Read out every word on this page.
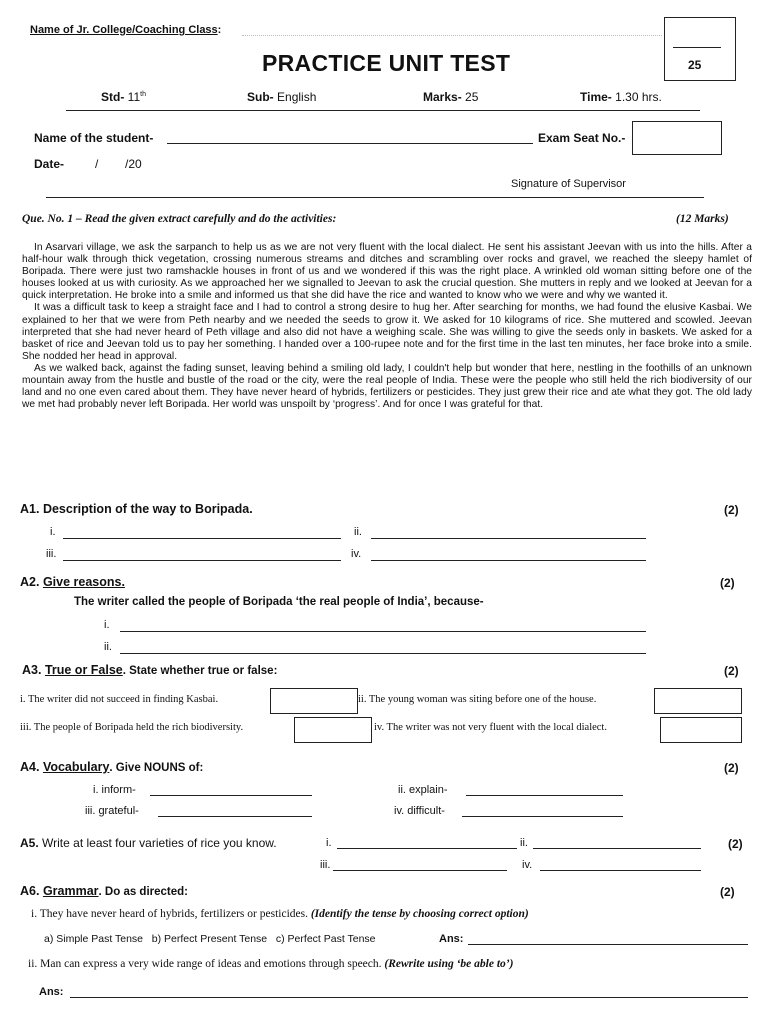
Name of Jr. College/Coaching Class:
PRACTICE UNIT TEST	25
Std- 11th	Sub- English	Marks- 25	Time- 1.30 hrs.
Name of the student-	Exam Seat No.-
Date-	/ /20
Signature of Supervisor
Que. No. 1 – Read the given extract carefully and do the activities:	(12 Marks)

In Asarvari village, we ask the sarpanch to help us as we are not very fluent with the local dialect. He sent his assistant Jeevan with us into the hills. After a half-hour walk through thick vegetation, crossing numerous streams and ditches and scrambling over rocks and gravel, we reached the sleepy hamlet of Boripada. There were just two ramshackle houses in front of us and we wondered if this was the right place. A wrinkled old woman sitting before one of the houses looked at us with curiosity. As we approached her we signalled to Jeevan to ask the crucial question. She mutters in reply and we looked at Jeevan for a quick interpretation. He broke into a smile and informed us that she did have the rice and wanted to know who we were and why we wanted it.

It was a difficult task to keep a straight face and I had to control a strong desire to hug her. After searching for months, we had found the elusive Kasbai. We explained to her that we were from Peth nearby and we needed the seeds to grow it. We asked for 10 kilograms of rice. She muttered and scowled. Jeevan interpreted that she had never heard of Peth village and also did not have a weighing scale. She was willing to give the seeds only in baskets. We asked for a basket of rice and Jeevan told us to pay her something. I handed over a 100-rupee note and for the first time in the last ten minutes, her face broke into a smile. She nodded her head in approval.

As we walked back, against the fading sunset, leaving behind a smiling old lady, I couldn't help but wonder that here, nestling in the foothills of an unknown mountain away from the hustle and bustle of the road or the city, were the real people of India. These were the people who still held the rich biodiversity of our land and no one even cared about them. They have never heard of hybrids, fertilizers or pesticides. They just grew their rice and ate what they got. The old lady we met had probably never left Boripada. Her world was unspoilt by ‘progress’. And for once I was grateful for that.

A1. Description of the way to Boripada.	(2)
i.	ii.
iii.	iv.
A2. Give reasons.	(2)
The writer called the people of Boripada ‘the real people of India’, because-
i.
ii.
A3. True or False. State whether true or false:	(2)
i. The writer did not succeed in finding Kasbai.	ii. The young woman was siting before one of the house.
iii. The people of Boripada held the rich biodiversity.	iv. The writer was not very fluent with the local dialect.
A4. Vocabulary. Give NOUNS of:	(2)
i. inform-	ii. explain-
iii. grateful-	iv. difficult-
A5. Write at least four varieties of rice you know.	(2)
i.	ii.
iii.	iv.
A6. Grammar. Do as directed:	(2)
i. They have never heard of hybrids, fertilizers or pesticides. (Identify the tense by choosing correct option)
a) Simple Past Tense   b) Perfect Present Tense   c) Perfect Past Tense	Ans:
ii. Man can express a very wide range of ideas and emotions through speech. (Rewrite using ‘be able to’)
Ans:
